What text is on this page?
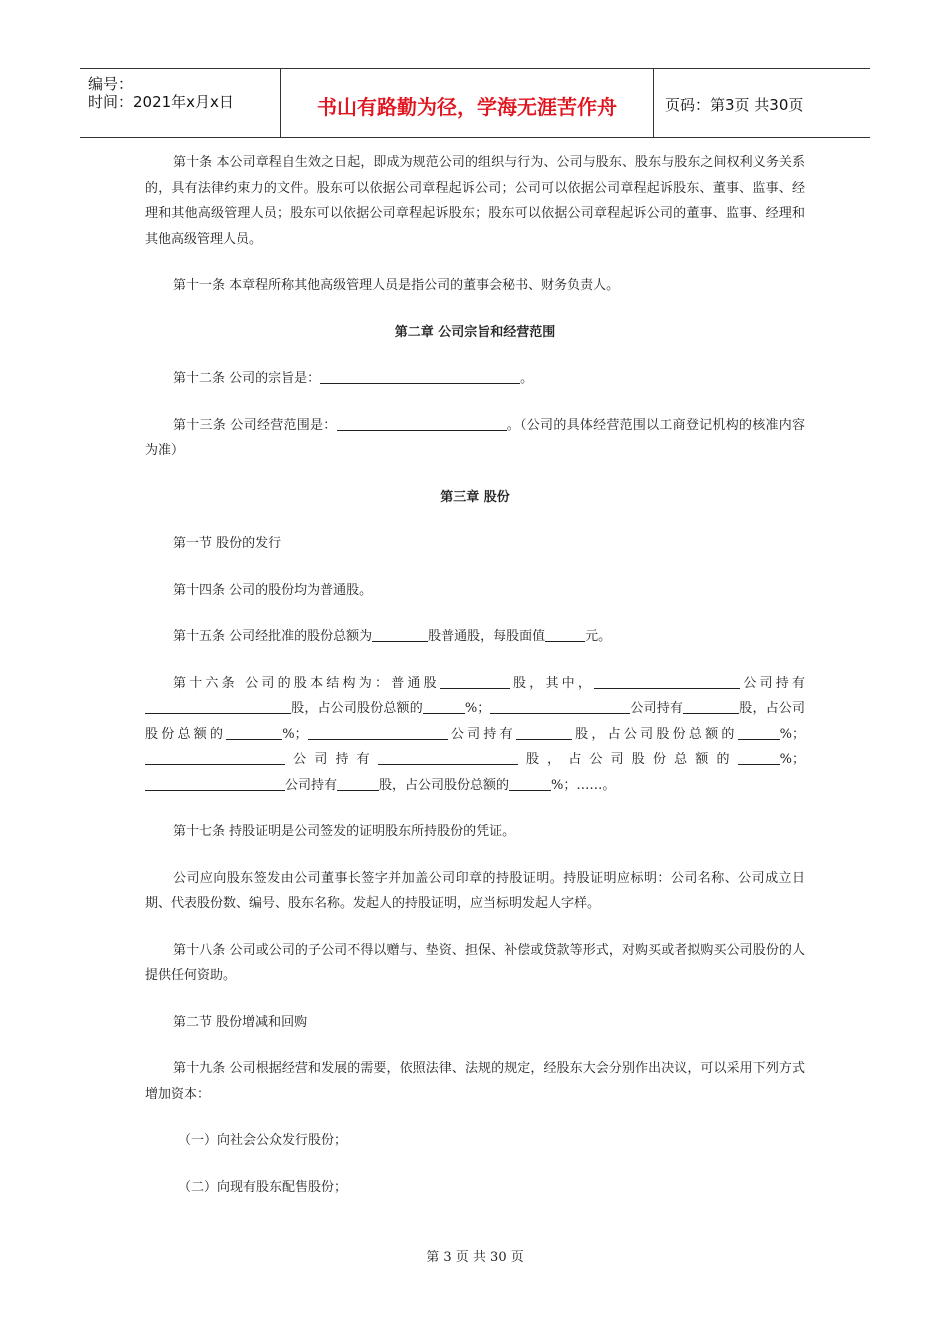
编号：
时间：2021年x月x日	书山有路勤为径，学海无涯苦作舟	页码：第3页 共30页

第十条 本公司章程自生效之日起，即成为规范公司的组织与行为、公司与股东、股东与股东之间权利义务关系的，具有法律约束力的文件。股东可以依据公司章程起诉公司；公司可以依据公司章程起诉股东、董事、监事、经理和其他高级管理人员；股东可以依据公司章程起诉股东；股东可以依据公司章程起诉公司的董事、监事、经理和其他高级管理人员。

第十一条 本章程所称其他高级管理人员是指公司的董事会秘书、财务负责人。

第二章 公司宗旨和经营范围

第十二条 公司的宗旨是：	。

第十三条 公司经营范围是：	。（公司的具体经营范围以工商登记机构的核准内容为准）

第三章 股份

第一节 股份的发行

第十四条 公司的股份均为普通股。

第十五条 公司经批准的股份总额为	股普通股，每股面值	元。

第十六条 公司的股本结构为：普通股	股，其中，	公司持有股，占公司股份总额的	%；	公司持有	股，占公司股份总额的	%；	公司持有	股，占公司股份总额的	%；公司持有	股，占公司股份总额的	%；公司持有	股，占公司股份总额的	%；……。

第十七条 持股证明是公司签发的证明股东所持股份的凭证。

公司应向股东签发由公司董事长签字并加盖公司印章的持股证明。持股证明应标明：公司名称、公司成立日期、代表股份数、编号、股东名称。发起人的持股证明，应当标明发起人字样。

第十八条 公司或公司的子公司不得以赠与、垫资、担保、补偿或贷款等形式，对购买或者拟购买公司股份的人提供任何资助。

第二节 股份增减和回购

第十九条 公司根据经营和发展的需要，依照法律、法规的规定，经股东大会分别作出决议，可以采用下列方式增加资本：

（一）向社会公众发行股份；

（二）向现有股东配售股份；

第 3 页 共 30 页
